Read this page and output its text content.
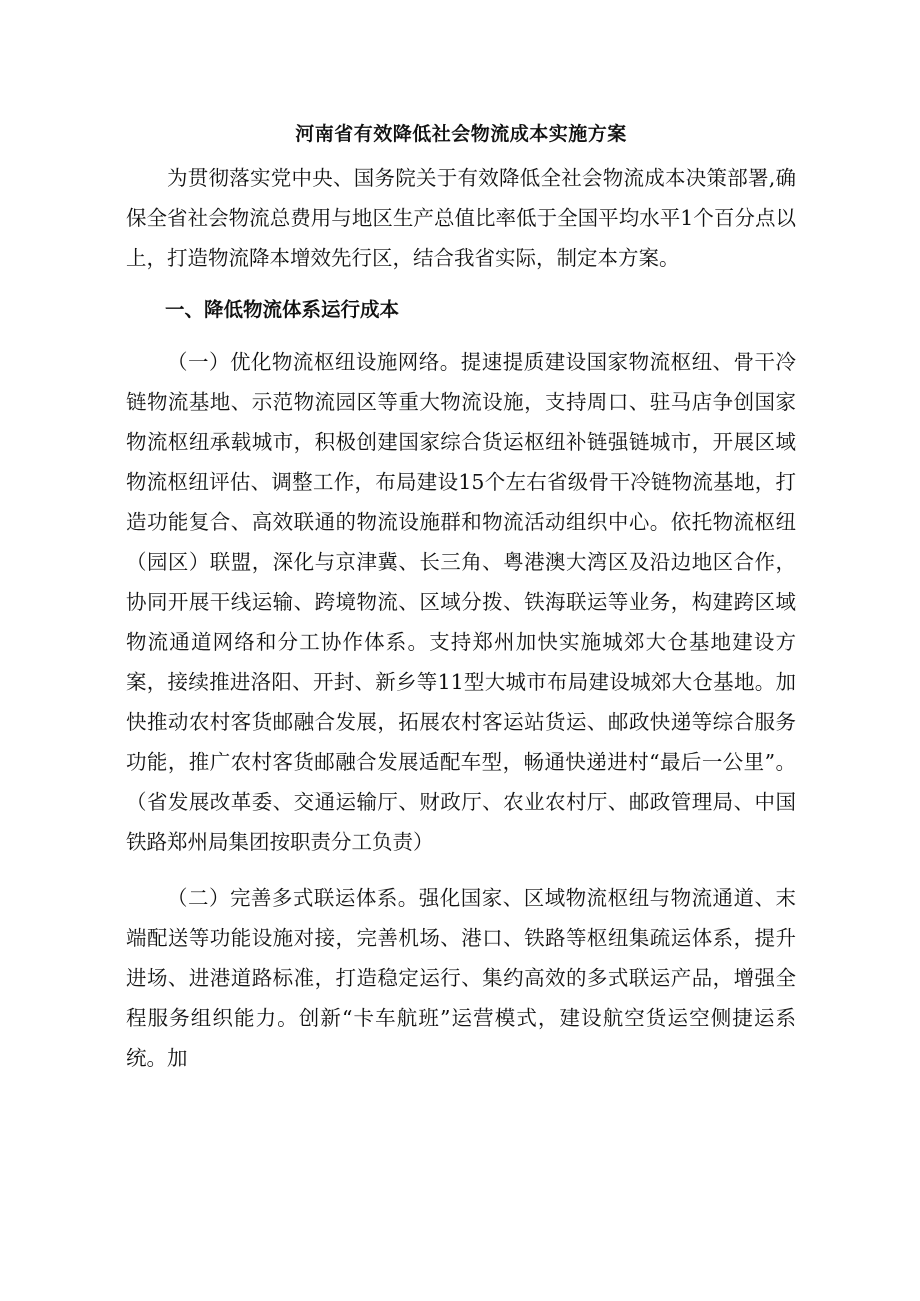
河南省有效降低社会物流成本实施方案

为贯彻落实党中央、国务院关于有效降低全社会物流成本决策部署,确保全省社会物流总费用与地区生产总值比率低于全国平均水平1个百分点以上，打造物流降本增效先行区，结合我省实际，制定本方案。

一、降低物流体系运行成本

（一）优化物流枢纽设施网络。提速提质建设国家物流枢纽、骨干冷链物流基地、示范物流园区等重大物流设施，支持周口、驻马店争创国家物流枢纽承载城市，积极创建国家综合货运枢纽补链强链城市，开展区域物流枢纽评估、调整工作，布局建设15个左右省级骨干冷链物流基地，打造功能复合、高效联通的物流设施群和物流活动组织中心。依托物流枢纽（园区）联盟，深化与京津冀、长三角、粤港澳大湾区及沿边地区合作，协同开展干线运输、跨境物流、区域分拨、铁海联运等业务，构建跨区域物流通道网络和分工协作体系。支持郑州加快实施城郊大仓基地建设方案，接续推进洛阳、开封、新乡等11型大城市布局建设城郊大仓基地。加快推动农村客货邮融合发展，拓展农村客运站货运、邮政快递等综合服务功能，推广农村客货邮融合发展适配车型，畅通快递进村“最后一公里”。（省发展改革委、交通运输厅、财政厅、农业农村厅、邮政管理局、中国铁路郑州局集团按职责分工负责）

（二）完善多式联运体系。强化国家、区域物流枢纽与物流通道、末端配送等功能设施对接，完善机场、港口、铁路等枢纽集疏运体系，提升进场、进港道路标准，打造稳定运行、集约高效的多式联运产品，增强全程服务组织能力。创新“卡车航班”运营模式，建设航空货运空侧捷运系统。加
